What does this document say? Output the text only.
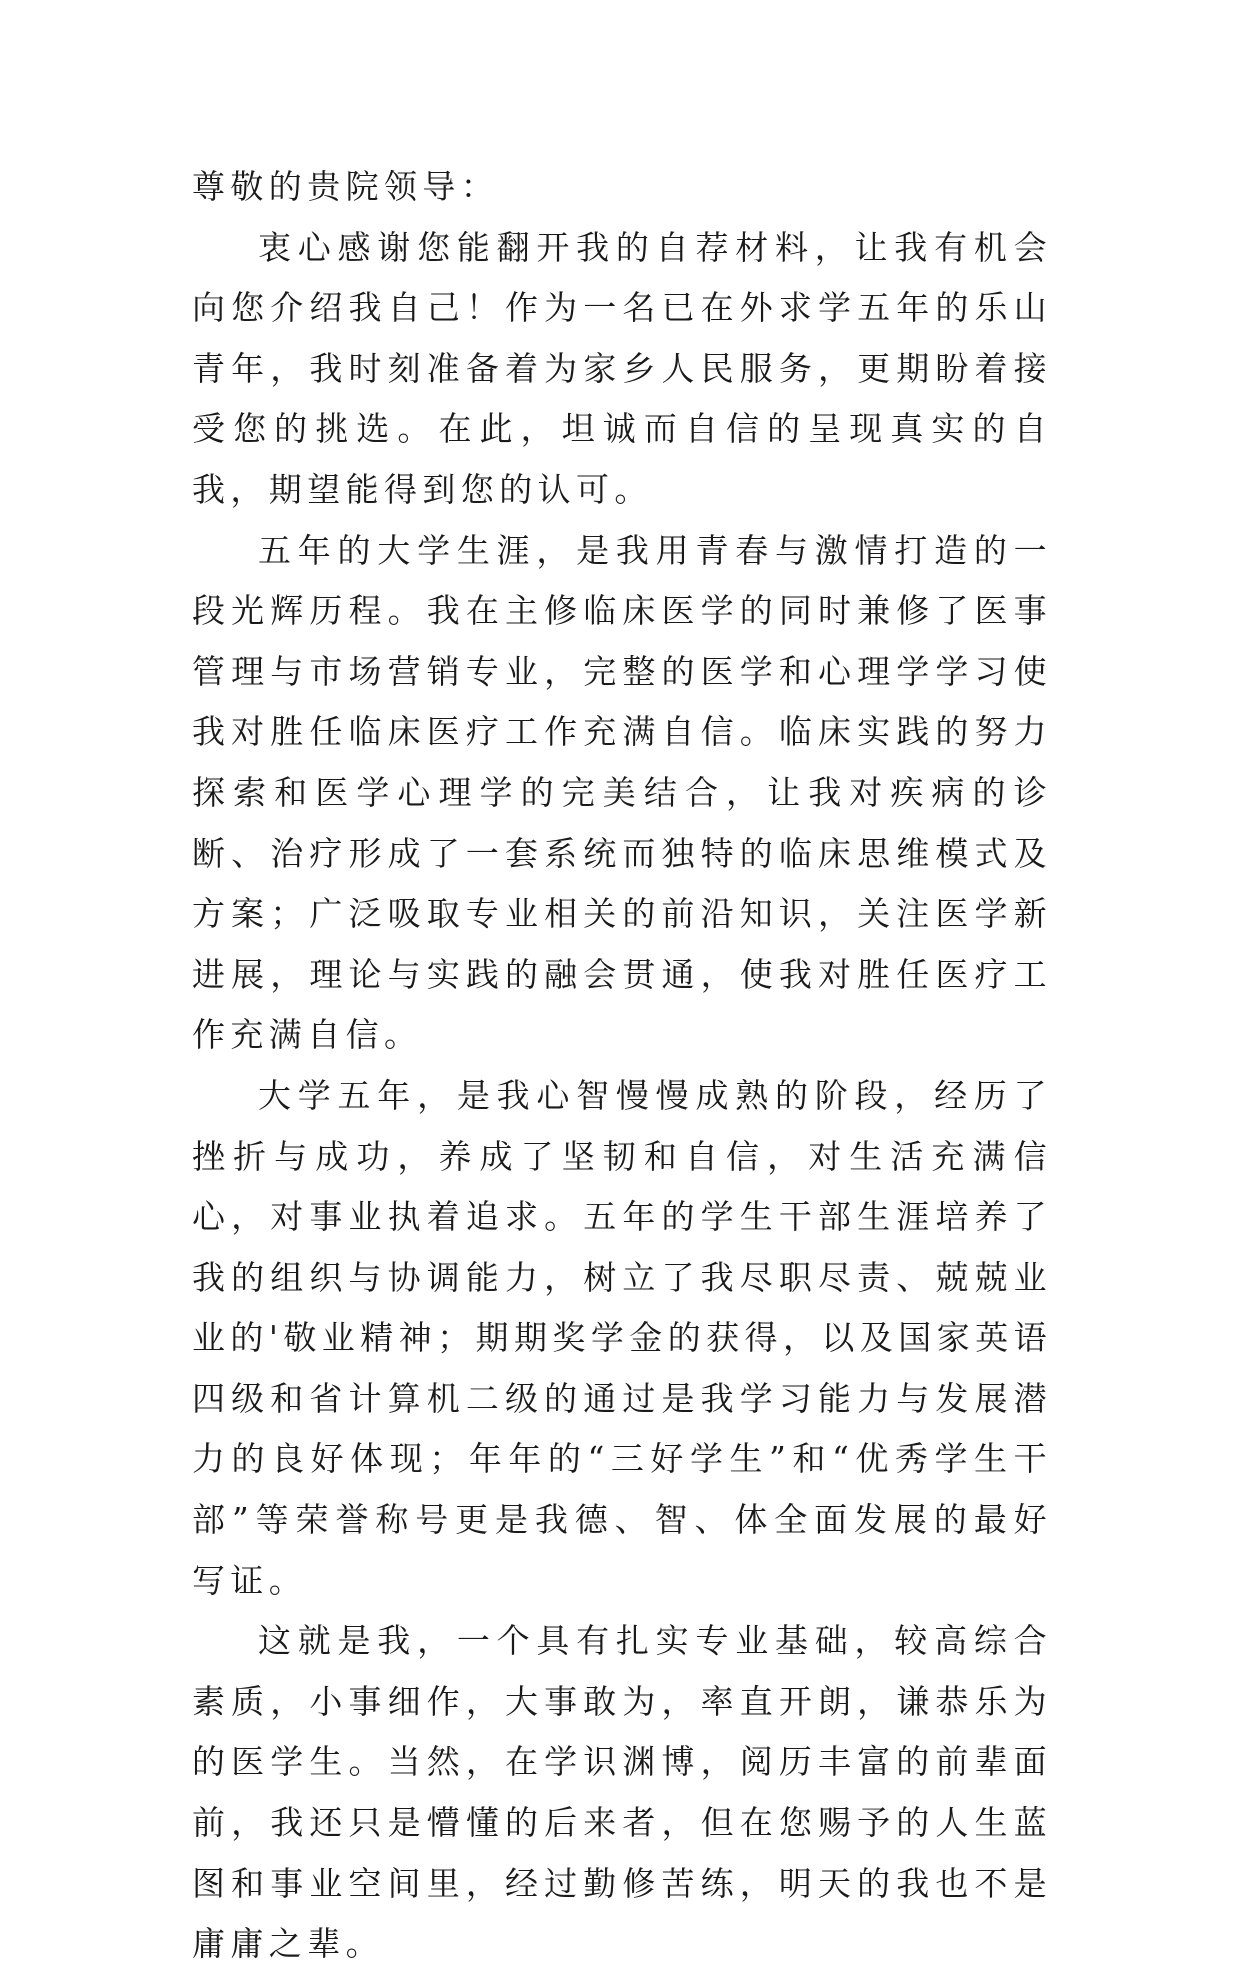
尊敬的贵院领导：

衷心感谢您能翻开我的自荐材料，让我有机会向您介绍我自己！作为一名已在外求学五年的乐山青年，我时刻准备着为家乡人民服务，更期盼着接受您的挑选。在此，坦诚而自信的呈现真实的自我，期望能得到您的认可。

五年的大学生涯，是我用青春与激情打造的一段光辉历程。我在主修临床医学的同时兼修了医事管理与市场营销专业，完整的医学和心理学学习使我对胜任临床医疗工作充满自信。临床实践的努力探索和医学心理学的完美结合，让我对疾病的诊断、治疗形成了一套系统而独特的临床思维模式及方案；广泛吸取专业相关的前沿知识，关注医学新进展，理论与实践的融会贯通，使我对胜任医疗工作充满自信。

大学五年，是我心智慢慢成熟的阶段，经历了挫折与成功，养成了坚韧和自信，对生活充满信心，对事业执着追求。五年的学生干部生涯培养了我的组织与协调能力，树立了我尽职尽责、兢兢业业的'敬业精神；期期奖学金的获得，以及国家英语四级和省计算机二级的通过是我学习能力与发展潜力的良好体现；年年的“三好学生”和“优秀学生干部”等荣誉称号更是我德、智、体全面发展的最好写证。

这就是我，一个具有扎实专业基础，较高综合素质，小事细作，大事敢为，率直开朗，谦恭乐为的医学生。当然，在学识渊博，阅历丰富的前辈面前，我还只是懵懂的后来者，但在您赐予的人生蓝图和事业空间里，经过勤修苦练，明天的我也不是庸庸之辈。
